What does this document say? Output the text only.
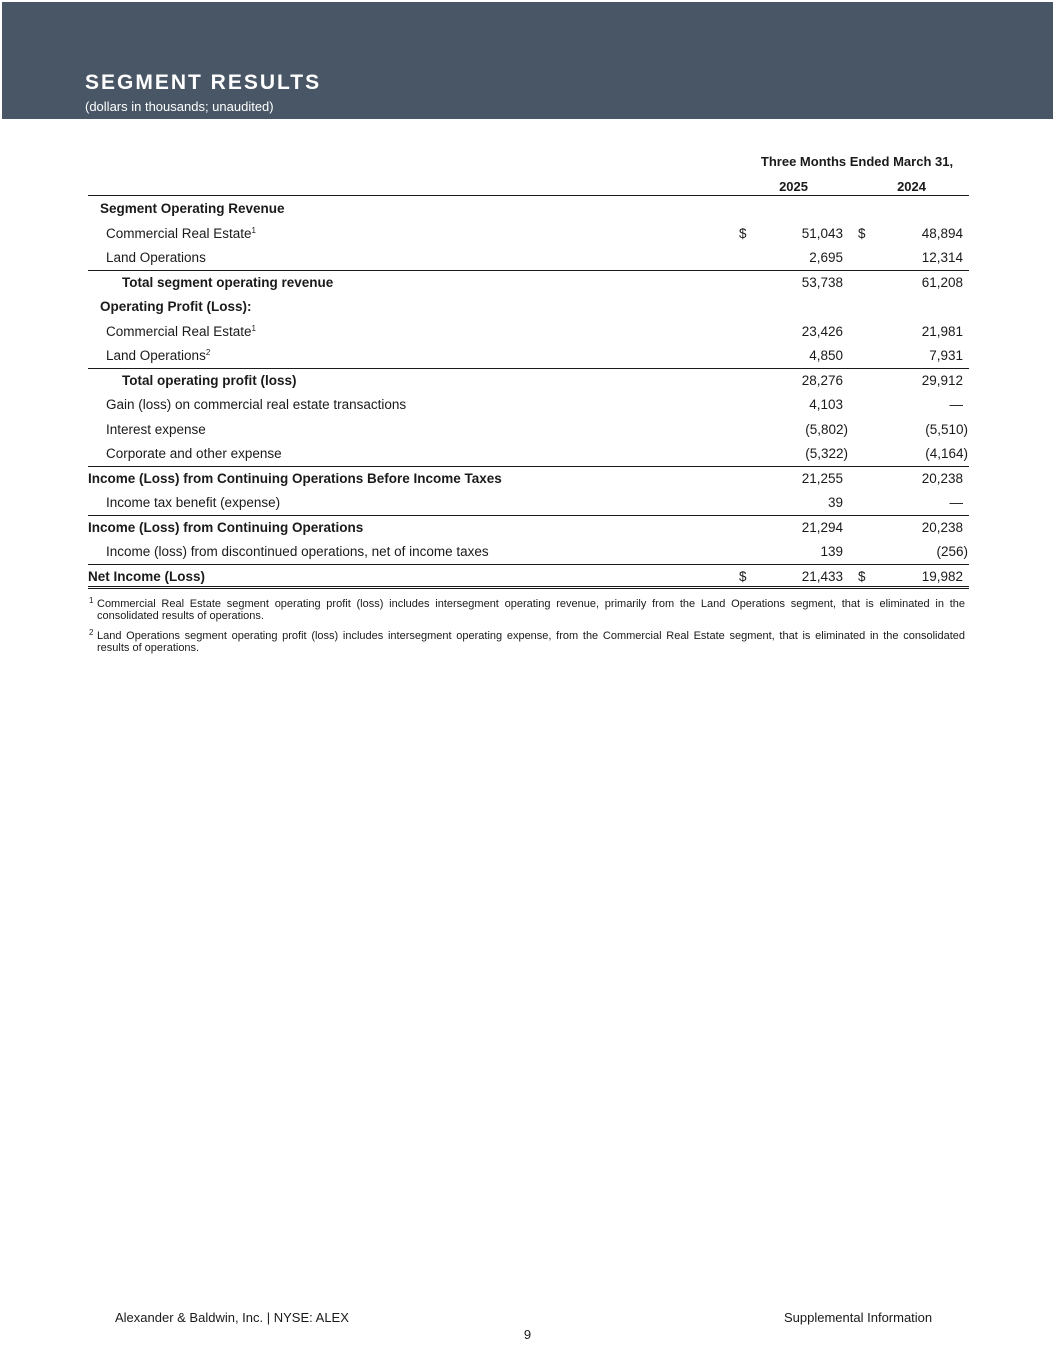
SEGMENT RESULTS
(dollars in thousands; unaudited)
Three Months Ended March 31,
2025	2024
Segment Operating Revenue
Commercial Real Estate$^1$	$	51,043 $	48,894
Land Operations	2,695	12,314
Total segment operating revenue	53,738	61,208
Operating Profit (Loss):
Commercial Real Estate$^1$	23,426	21,981
Land Operations$^2$	4,850	7,931
Total operating profit (loss)	28,276	29,912
Gain (loss) on commercial real estate transactions	4,103	—
Interest expense	(5,802)	(5,510)
Corporate and other expense	(5,322)	(4,164)
Income (Loss) from Continuing Operations Before Income Taxes	21,255	20,238
Income tax benefit (expense)	39	—
Income (Loss) from Continuing Operations	21,294	20,238
Income (loss) from discontinued operations, net of income taxes	139	(256)
Net Income (Loss)	$	21,433 $	19,982
1 Commercial Real Estate segment operating profit (loss) includes intersegment operating revenue, primarily from the Land Operations segment, that is eliminated in the consolidated results of operations.
2 Land Operations segment operating profit (loss) includes intersegment operating expense, from the Commercial Real Estate segment, that is eliminated in the consolidated results of operations.
Alexander & Baldwin, Inc. | NYSE: ALEX	Supplemental Information
9
